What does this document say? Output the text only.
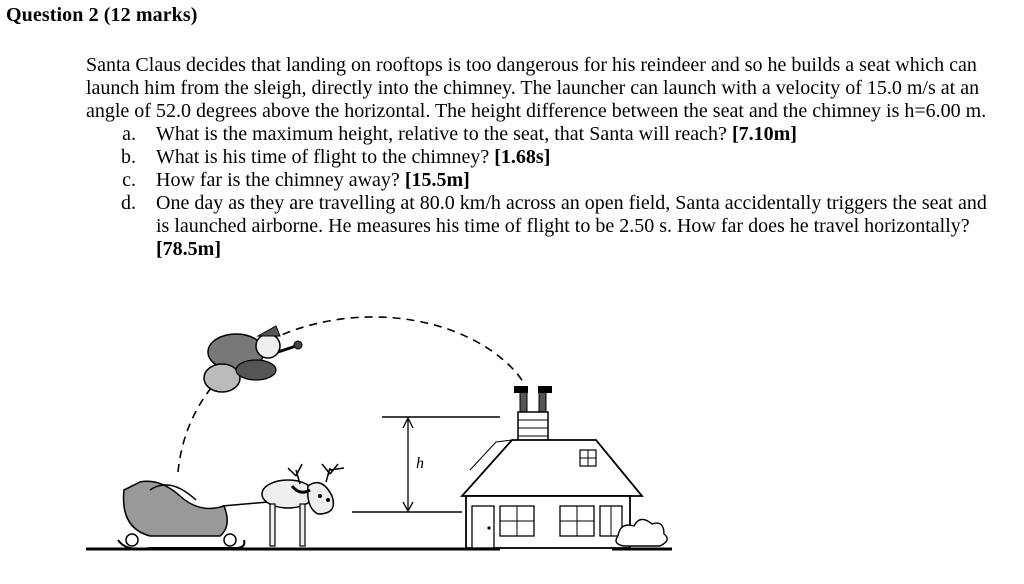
Question 2 (12 marks)

Santa Claus decides that landing on rooftops is too dangerous for his reindeer and so he builds a seat which can launch him from the sleigh, directly into the chimney. The launcher can launch with a velocity of 15.0 m/s at an angle of 52.0 degrees above the horizontal. The height difference between the seat and the chimney is h=6.00 m.

a.	What is the maximum height, relative to the seat, that Santa will reach? [7.10m]
b.	What is his time of flight to the chimney? [1.68s]
c.	How far is the chimney away? [15.5m]
d.	One day as they are travelling at 80.0 km/h across an open field, Santa accidentally triggers the seat and is launched airborne. He measures his time of flight to be 2.50 s. How far does he travel horizontally? [78.5m]
h
